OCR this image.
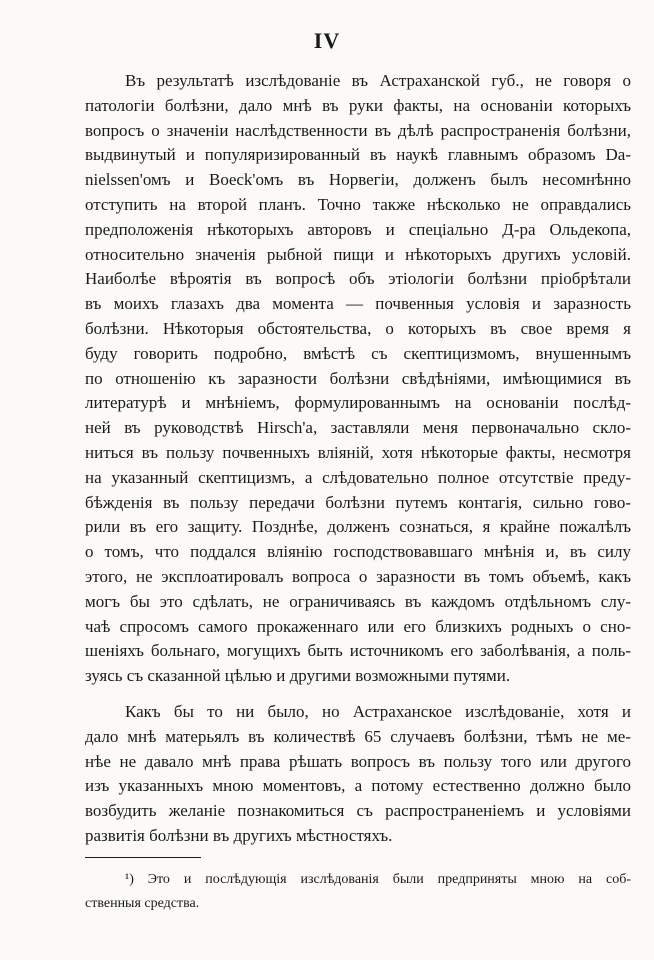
IV
Въ результатѣ изслѣдованіе въ Астраханской губ., не говоря о
патологіи болѣзни, дало мнѣ въ руки факты, на основаніи которыхъ
вопросъ о значеніи наслѣдственности въ дѣлѣ распространенія болѣзни,
выдвинутый и популяризированный въ наукѣ главнымъ образомъ Da-
nielssen'омъ и Boeck'омъ въ Норвегіи, долженъ былъ несомнѣнно
отступить на второй планъ. Точно также нѣсколько не оправдались
предположенія нѣкоторыхъ авторовъ и спеціально Д-ра Ольдекопа,
относительно значенія рыбной пищи и нѣкоторыхъ другихъ условій.
Наиболѣе вѣроятія въ вопросѣ объ этіологіи болѣзни пріобрѣтали
въ моихъ глазахъ два момента — почвенныя условія и заразность
болѣзни. Нѣкоторыя обстоятельства, о которыхъ въ свое время я
буду говорить подробно, вмѣстѣ съ скептицизмомъ, внушеннымъ
по отношенію къ заразности болѣзни свѣдѣніями, имѣющимися въ
литературѣ и мнѣніемъ, формулированнымъ на основаніи послѣд-
ней въ руководствѣ Hirsch'а, заставляли меня первоначально скло-
ниться въ пользу почвенныхъ вліяній, хотя нѣкоторые факты, несмотря
на указанный скептицизмъ, а слѣдовательно полное отсутствіе преду-
бѣжденія въ пользу передачи болѣзни путемъ контагія, сильно гово-
рили въ его защиту. Позднѣе, долженъ сознаться, я крайне пожалѣлъ
о томъ, что поддался вліянію господствовавшаго мнѣнія и, въ силу
этого, не эксплоатировалъ вопроса о заразности въ томъ объемѣ, какъ
могъ бы это сдѣлать, не ограничиваясь въ каждомъ отдѣльномъ слу-
чаѣ спросомъ самого прокаженнаго или его близкихъ родныхъ о сно-
шеніяхъ больнаго, могущихъ быть источникомъ его заболѣванія, а поль-
зуясь съ сказанной цѣлью и другими возможными путями.
Какъ бы то ни было, но Астраханское изслѣдованіе, хотя и
дало мнѣ матерьялъ въ количествѣ 65 случаевъ болѣзни, тѣмъ не ме-
нѣе не давало мнѣ права рѣшать вопросъ въ пользу того или другого
изъ указанныхъ мною моментовъ, а потому естественно должно было
возбудить желаніе познакомиться съ распространеніемъ и условіями
развитія болѣзни въ другихъ мѣстностяхъ.
¹) Это и послѣдующія изслѣдованія были предприняты мною на соб-
ственныя средства.
